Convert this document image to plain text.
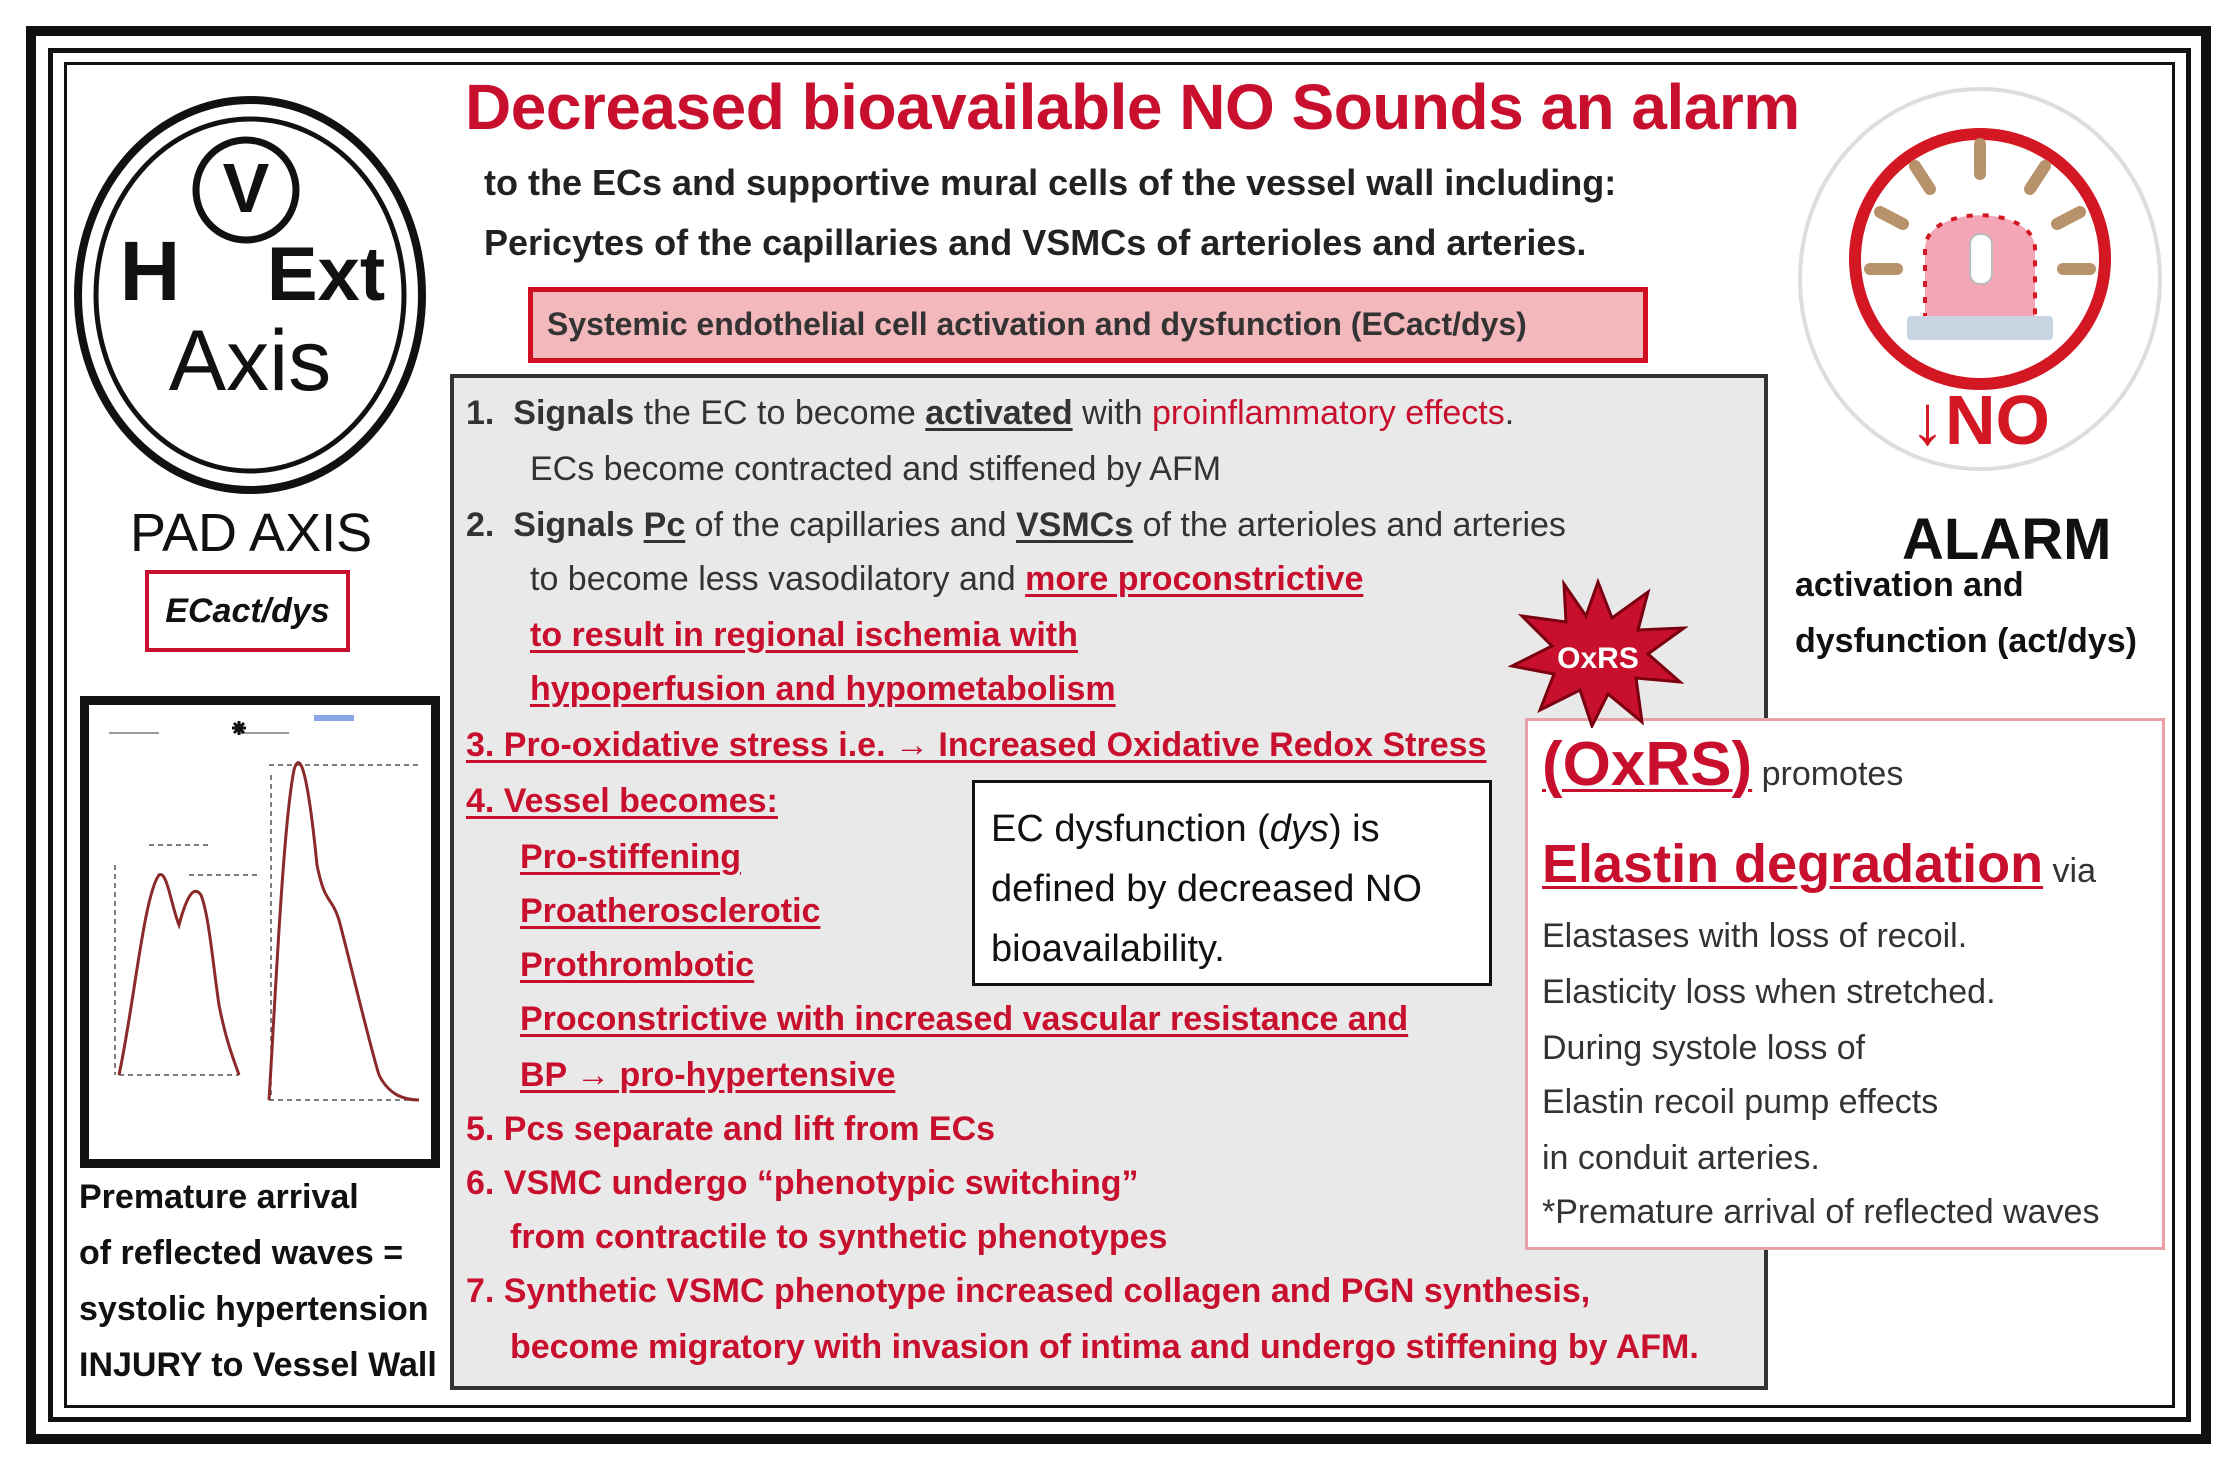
Decreased bioavailable NO Sounds an alarm
to the ECs and supportive mural cells of the vessel wall including:
Pericytes of the capillaries and VSMCs of arterioles and arteries.
Systemic endothelial cell activation and dysfunction (ECact/dys)
V
H Ext
Axis
PAD AXIS
ECact/dys
Premature arrival
of reflected waves =
systolic hypertension
INJURY to Vessel Wall
↓NO
ALARM
activation and
dysfunction (act/dys)
1. Signals the EC to become activated with proinflammatory effects.
ECs become contracted and stiffened by AFM
2. Signals Pc of the capillaries and VSMCs of the arterioles and arteries
to become less vasodilatory and more proconstrictive
to result in regional ischemia with
hypoperfusion and hypometabolism
3. Pro-oxidative stress i.e. → Increased Oxidative Redox Stress
4. Vessel becomes:
Pro-stiffening
Proatherosclerotic
Prothrombotic
Proconstrictive with increased vascular resistance and
BP → pro-hypertensive
5. Pcs separate and lift from ECs
6. VSMC undergo “phenotypic switching”
from contractile to synthetic phenotypes
7. Synthetic VSMC phenotype increased collagen and PGN synthesis,
become migratory with invasion of intima and undergo stiffening by AFM.
EC dysfunction (dys) is
defined by decreased NO
bioavailability.
(OxRS) promotes
Elastin degradation via
Elastases with loss of recoil.
Elasticity loss when stretched.
During systole loss of
Elastin recoil pump effects
in conduit arteries.
*Premature arrival of reflected waves
OxRS
